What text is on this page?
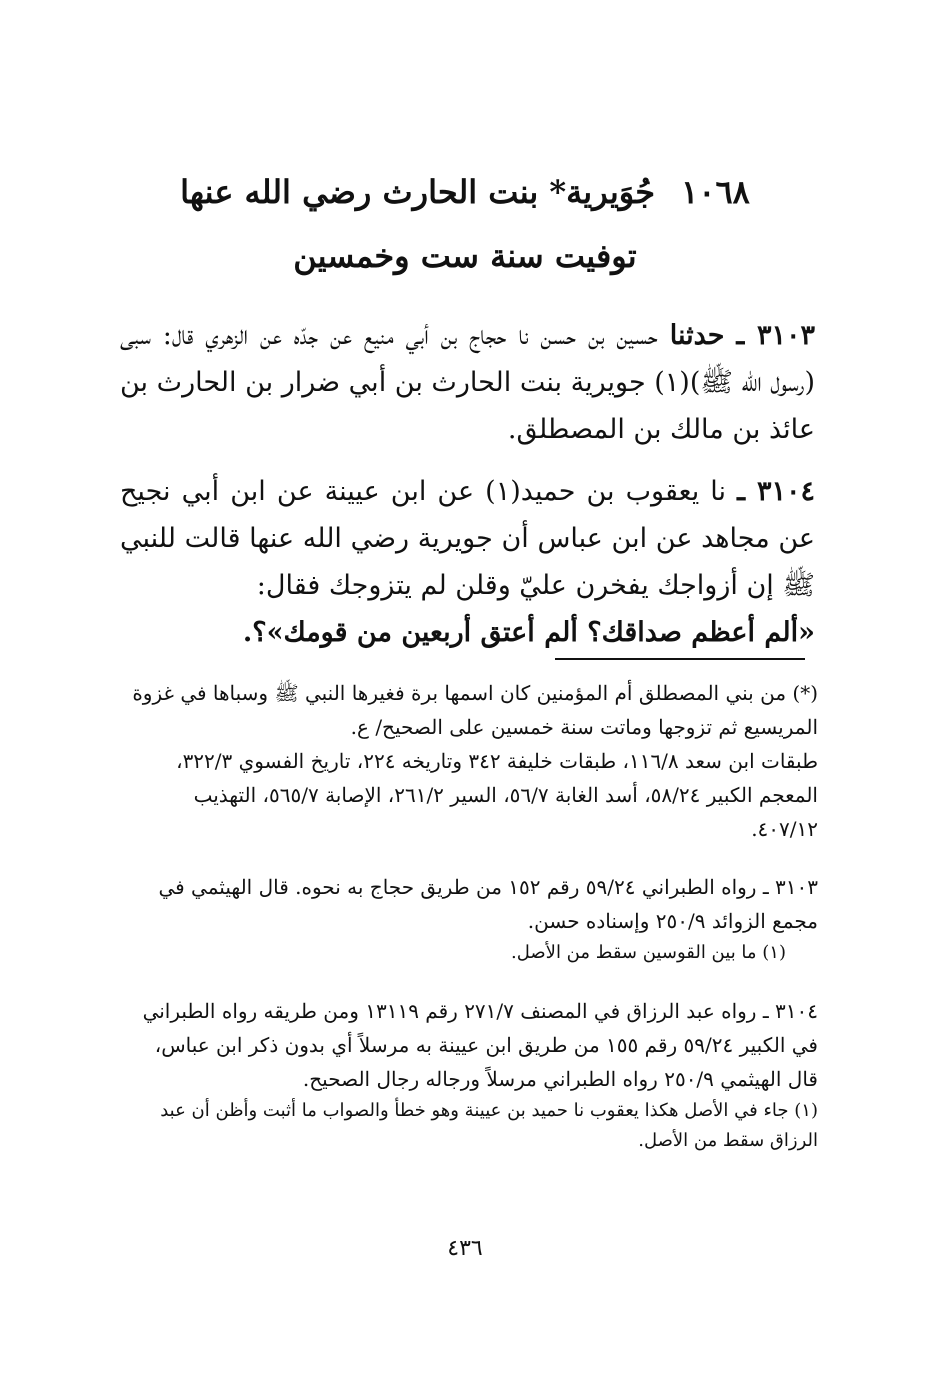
١٠٦٨جُوَيرية* بنت الحارث رضي الله عنها
توفيت سنة ست وخمسين

٣١٠٣ ـ حدثنا حسين بن حسن نا حجاج بن أبي منيع عن جدّه عن الزهري قال: سبى (رسول الله ﷺ)(١) جويرية بنت الحارث بن أبي ضرار بن الحارث بن عائذ بن مالك بن المصطلق.

٣١٠٤ ـ نا يعقوب بن حميد(١) عن ابن عيينة عن ابن أبي نجيح عن مجاهد عن ابن عباس أن جويرية رضي الله عنها قالت للنبي ﷺ إن أزواجك يفخرن عليّ وقلن لم يتزوجك فقال:

«ألم أعظم صداقك؟ ألم أعتق أربعين من قومك»؟.

(*) من بني المصطلق أم المؤمنين كان اسمها برة فغيرها النبي ﷺ وسباها في غزوة المريسيع ثم تزوجها وماتت سنة خمسين على الصحيح/ ع.

طبقات ابن سعد ١١٦/٨، طبقات خليفة ٣٤٢ وتاريخه ٢٢٤، تاريخ الفسوي ٣٢٢/٣، المعجم الكبير ٥٨/٢٤، أسد الغابة ٥٦/٧، السير ٢٦١/٢، الإصابة ٥٦٥/٧، التهذيب ٤٠٧/١٢.

٣١٠٣ ـ رواه الطبراني ٥٩/٢٤ رقم ١٥٢ من طريق حجاج به نحوه. قال الهيثمي في مجمع الزوائد ٢٥٠/٩ وإسناده حسن.

(١) ما بين القوسين سقط من الأصل.

٣١٠٤ ـ رواه عبد الرزاق في المصنف ٢٧١/٧ رقم ١٣١١٩ ومن طريقه رواه الطبراني في الكبير ٥٩/٢٤ رقم ١٥٥ من طريق ابن عيينة به مرسلاً أي بدون ذكر ابن عباس، قال الهيثمي ٢٥٠/٩ رواه الطبراني مرسلاً ورجاله رجال الصحيح.

(١) جاء في الأصل هكذا يعقوب نا حميد بن عيينة وهو خطأ والصواب ما أثبت وأظن أن عبد الرزاق سقط من الأصل.

٤٣٦
